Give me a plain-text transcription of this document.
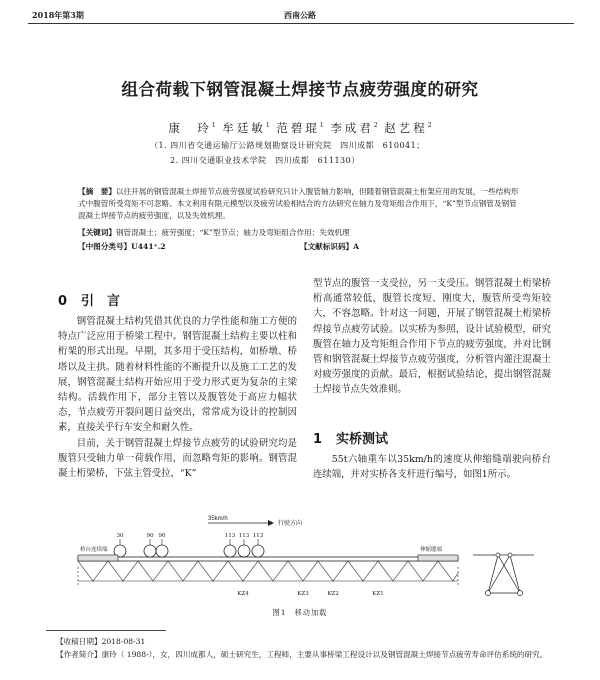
2018年第3期	西南公路
组合荷载下钢管混凝土焊接节点疲劳强度的研究
康　玲$^1$ 牟廷敏$^1$ 范碧琨$^1$ 李成君$^2$ 赵艺程$^2$
（1. 四川省交通运输厅公路规划勘察设计研究院　四川成都　610041；
2. 四川交通职业技术学院　四川成都　611130）
【摘　要】以往开展的钢管混凝土焊接节点疲劳强度试验研究只计入腹管轴力影响，但随着钢管混凝土桁架应用的发展，一些结构形式中腹管所受弯矩不可忽略。本文利用有限元模型以及疲劳试验相结合的方法研究在轴力及弯矩组合作用下，“K”型节点钢管及钢管混凝土焊接节点的疲劳强度，以及失效机理。
【关键词】钢管混凝土；疲劳强度；“K”型节点；轴力及弯矩组合作用；失效机理
【中图分类号】U441⁺.2	【文献标识码】A
0 引　言

钢管混凝土结构凭借其优良的力学性能和施工方便的特点广泛应用于桥梁工程中。钢管混凝土结构主要以柱和桁架的形式出现。早期，其多用于受压结构，如桥墩、桥塔以及主拱。随着材料性能的不断提升以及施工工艺的发展，钢管混凝土结构开始应用于受力形式更为复杂的主梁结构。活载作用下，部分主管以及腹管处于高应力幅状态，节点疲劳开裂问题日益突出，常常成为设计的控制因素，直接关乎行车安全和耐久性。

目前，关于钢管混凝土焊接节点疲劳的试验研究均是腹管只受轴力单一荷载作用，而忽略弯矩的影响。钢管混凝土桁梁桥，下弦主管受拉，“K”

型节点的腹管一支受拉，另一支受压。钢管混凝土桁梁桥桁高通常较低，腹管长度短、刚度大，腹管所受弯矩较大，不容忽略。针对这一问题，开展了钢管混凝土桁梁桥焊接节点疲劳试验。以实桥为参照，设计试验模型，研究腹管在轴力及弯矩组合作用下节点的疲劳强度，并对比钢管和钢管混凝土焊接节点疲劳强度，分析管内灌注混凝土对疲劳强度的贡献。最后，根据试验结论，提出钢管混凝土焊接节点失效准则。

1 实桥测试

55t六轴重车以35km/h的速度从伸缩缝端驶向桥台连续端，并对实桥各支杆进行编号，如图1所示。

35km/h
行驶方向
30	90 90	113 113 113
桥台连续端	伸缩缝端
KZ4	KZ3	KZ2	KZ1
图1　移动加载
【收稿日期】2018-08-31
【作者简介】康玲（ 1988-），女，四川成都人，硕士研究生，工程师，主要从事桥梁工程设计以及钢管混凝土焊接节点疲劳寿命评估系统的研究。
